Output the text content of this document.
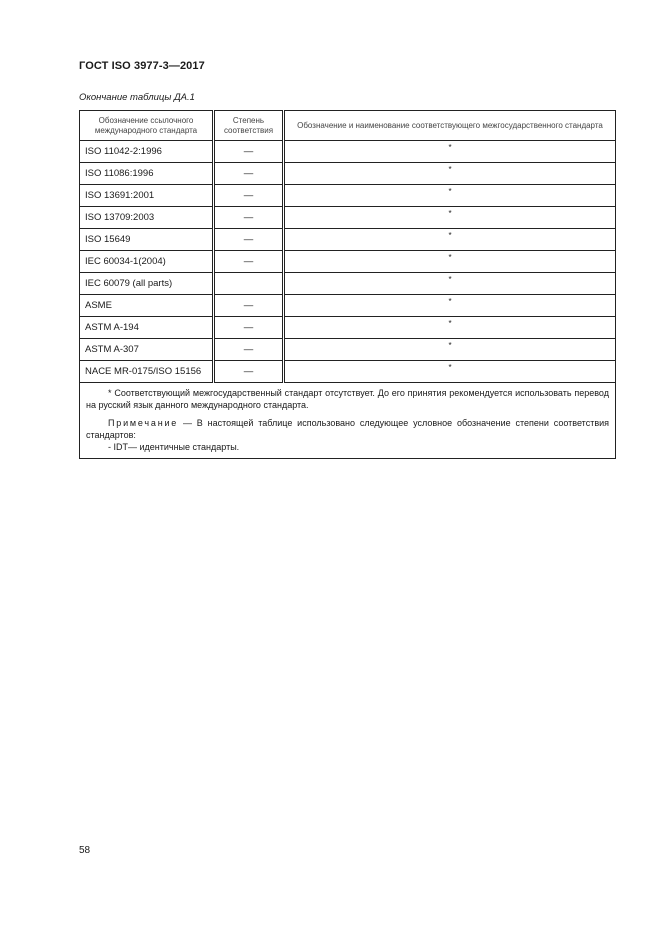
ГОСТ ISO 3977-3—2017
Окончание таблицы ДА.1
Обозначение ссылочного международного стандарта	Степень соответствия	Обозначение и наименование соответствующего межгосударственного стандарта
ISO 11042-2:1996	—	*
ISO 11086:1996	—	*
ISO 13691:2001	—	*
ISO 13709:2003	—	*
ISO 15649	—	*
IEC 60034-1(2004)	—	*
IEC 60079 (all parts)		*
ASME	—	*
ASTM A-194	—	*
ASTM A-307	—	*
NACE MR-0175/ISO 15156	—	*

* Соответствующий межгосударственный стандарт отсутствует. До его принятия рекомендуется использовать перевод на русский язык данного международного стандарта.

Примечание — В настоящей таблице использовано следующее условное обозначение степени соответствия стандартов:

- IDT— идентичные стандарты.		

58
